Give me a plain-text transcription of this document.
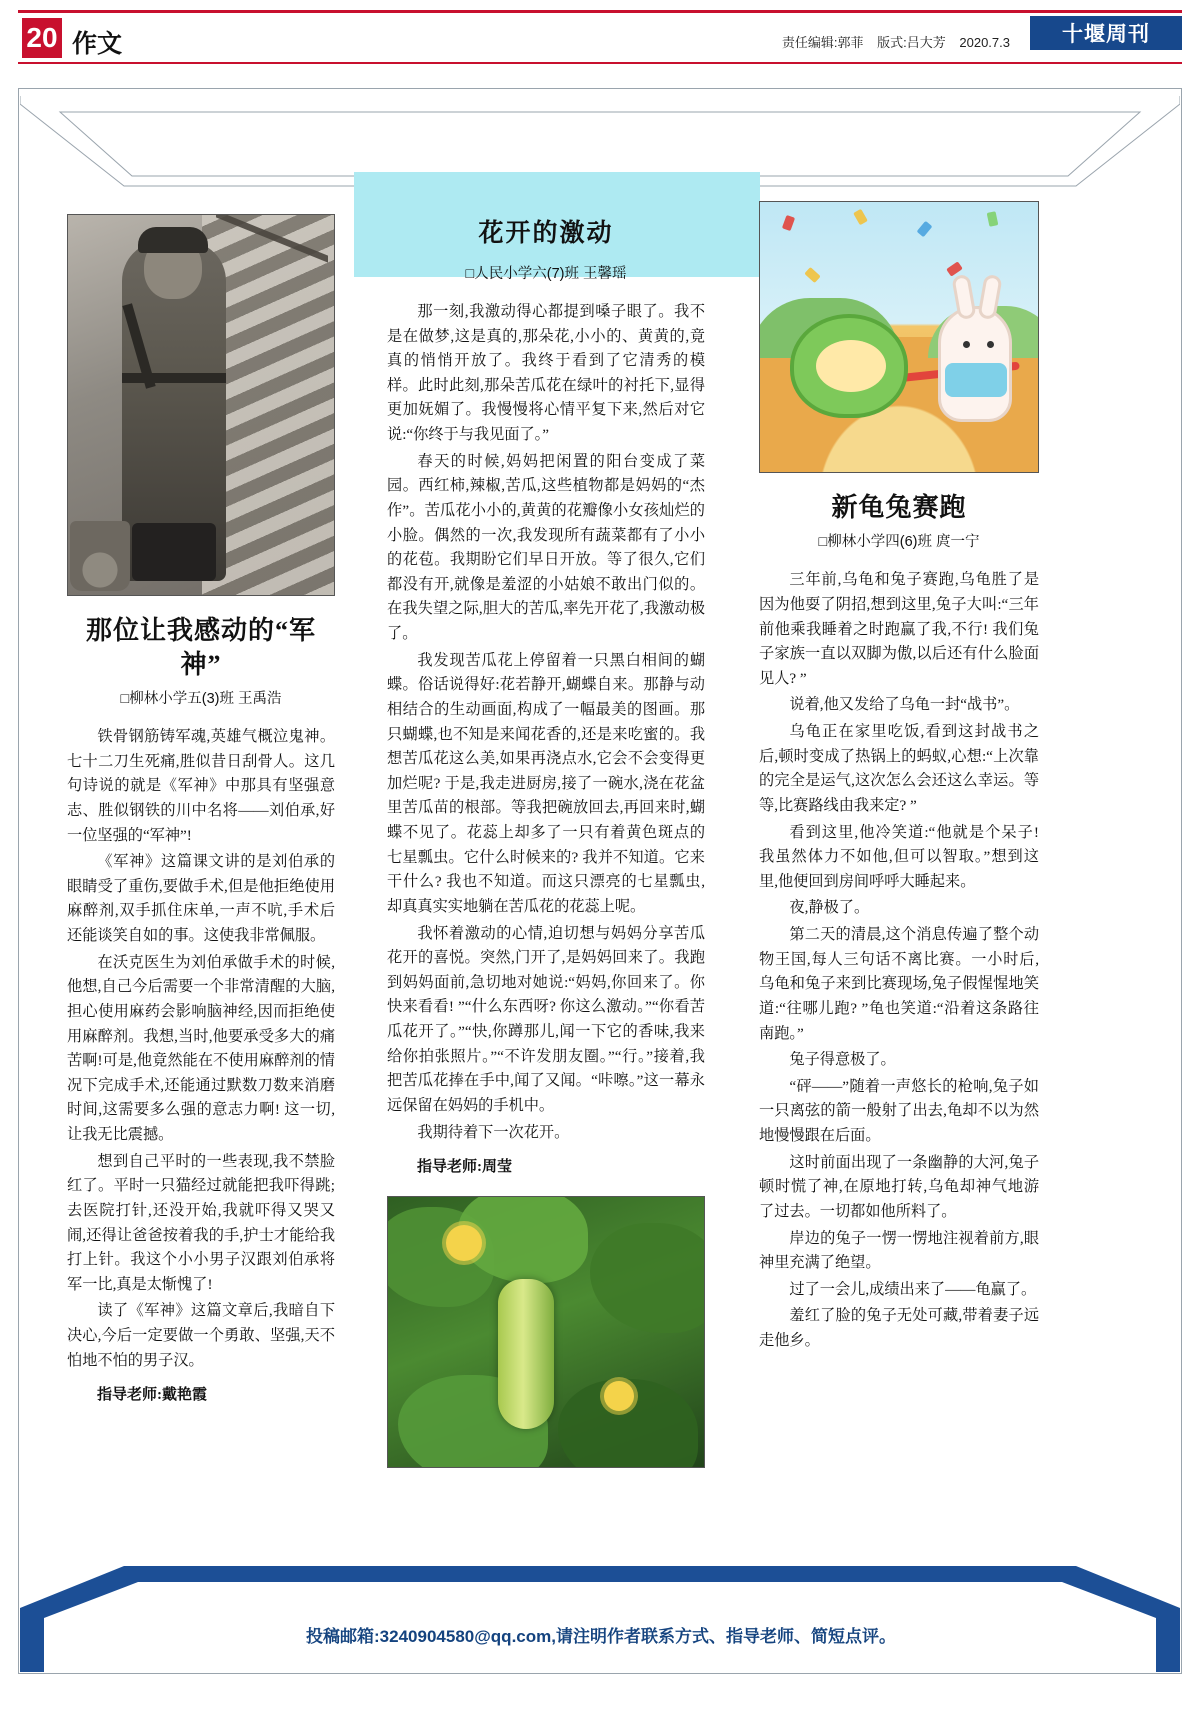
20 作文	责任编辑:郭菲 版式:吕大芳 2020.7.3	十堰周刊
那位让我感动的“军神”
□柳林小学五(3)班 王禹浩

铁骨钢筋铸军魂,英雄气概泣鬼神。七十二刀生死痛,胜似昔日刮骨人。这几句诗说的就是《军神》中那具有坚强意志、胜似钢铁的川中名将——刘伯承,好一位坚强的“军神”!

《军神》这篇课文讲的是刘伯承的眼睛受了重伤,要做手术,但是他拒绝使用麻醉剂,双手抓住床单,一声不吭,手术后还能谈笑自如的事。这使我非常佩服。

在沃克医生为刘伯承做手术的时候,他想,自己今后需要一个非常清醒的大脑,担心使用麻药会影响脑神经,因而拒绝使用麻醉剂。我想,当时,他要承受多大的痛苦啊!可是,他竟然能在不使用麻醉剂的情况下完成手术,还能通过默数刀数来消磨时间,这需要多么强的意志力啊! 这一切,让我无比震撼。

想到自己平时的一些表现,我不禁脸红了。平时一只猫经过就能把我吓得跳;去医院打针,还没开始,我就吓得又哭又闹,还得让爸爸按着我的手,护士才能给我打上针。我这个小小男子汉跟刘伯承将军一比,真是太惭愧了!

读了《军神》这篇文章后,我暗自下决心,今后一定要做一个勇敢、坚强,天不怕地不怕的男子汉。

指导老师:戴艳霞
花开的激动
□人民小学六(7)班 王馨瑶

那一刻,我激动得心都提到嗓子眼了。我不是在做梦,这是真的,那朵花,小小的、黄黄的,竟真的悄悄开放了。我终于看到了它清秀的模样。此时此刻,那朵苦瓜花在绿叶的衬托下,显得更加妩媚了。我慢慢将心情平复下来,然后对它说:“你终于与我见面了。”

春天的时候,妈妈把闲置的阳台变成了菜园。西红柿,辣椒,苦瓜,这些植物都是妈妈的“杰作”。苦瓜花小小的,黄黄的花瓣像小女孩灿烂的小脸。偶然的一次,我发现所有蔬菜都有了小小的花苞。我期盼它们早日开放。等了很久,它们都没有开,就像是羞涩的小姑娘不敢出门似的。在我失望之际,胆大的苦瓜,率先开花了,我激动极了。

我发现苦瓜花上停留着一只黑白相间的蝴蝶。俗话说得好:花若静开,蝴蝶自来。那静与动相结合的生动画面,构成了一幅最美的图画。那只蝴蝶,也不知是来闻花香的,还是来吃蜜的。我想苦瓜花这么美,如果再浇点水,它会不会变得更加烂呢? 于是,我走进厨房,接了一碗水,浇在花盆里苦瓜苗的根部。等我把碗放回去,再回来时,蝴蝶不见了。花蕊上却多了一只有着黄色斑点的七星瓢虫。它什么时候来的? 我并不知道。它来干什么? 我也不知道。而这只漂亮的七星瓢虫,却真真实实地躺在苦瓜花的花蕊上呢。

我怀着激动的心情,迫切想与妈妈分享苦瓜花开的喜悦。突然,门开了,是妈妈回来了。我跑到妈妈面前,急切地对她说:“妈妈,你回来了。你快来看看! ”“什么东西呀? 你这么激动。”“你看苦瓜花开了。”“快,你蹲那儿,闻一下它的香味,我来给你拍张照片。”“不许发朋友圈。”“行。”接着,我把苦瓜花捧在手中,闻了又闻。“咔嚓。”这一幕永远保留在妈妈的手机中。

我期待着下一次花开。

指导老师:周莹
新龟兔赛跑
□柳林小学四(6)班 庹一宁

三年前,乌龟和兔子赛跑,乌龟胜了是因为他耍了阴招,想到这里,兔子大叫:“三年前他乘我睡着之时跑赢了我,不行! 我们兔子家族一直以双脚为傲,以后还有什么脸面见人? ”

说着,他又发给了乌龟一封“战书”。

乌龟正在家里吃饭,看到这封战书之后,顿时变成了热锅上的蚂蚁,心想:“上次靠的完全是运气,这次怎么会还这么幸运。等等,比赛路线由我来定? ”

看到这里,他冷笑道:“他就是个呆子! 我虽然体力不如他,但可以智取。”想到这里,他便回到房间呼呼大睡起来。

夜,静极了。

第二天的清晨,这个消息传遍了整个动物王国,每人三句话不离比赛。一小时后,乌龟和兔子来到比赛现场,兔子假惺惺地笑道:“往哪儿跑? ”龟也笑道:“沿着这条路往南跑。”

兔子得意极了。

“砰——”随着一声悠长的枪响,兔子如一只离弦的箭一般射了出去,龟却不以为然地慢慢跟在后面。

这时前面出现了一条幽静的大河,兔子顿时慌了神,在原地打转,乌龟却神气地游了过去。一切都如他所料了。

岸边的兔子一愣一愣地注视着前方,眼神里充满了绝望。

过了一会儿,成绩出来了——龟赢了。

羞红了脸的兔子无处可藏,带着妻子远走他乡。

投稿邮箱:3240904580@qq.com,请注明作者联系方式、指导老师、简短点评。
